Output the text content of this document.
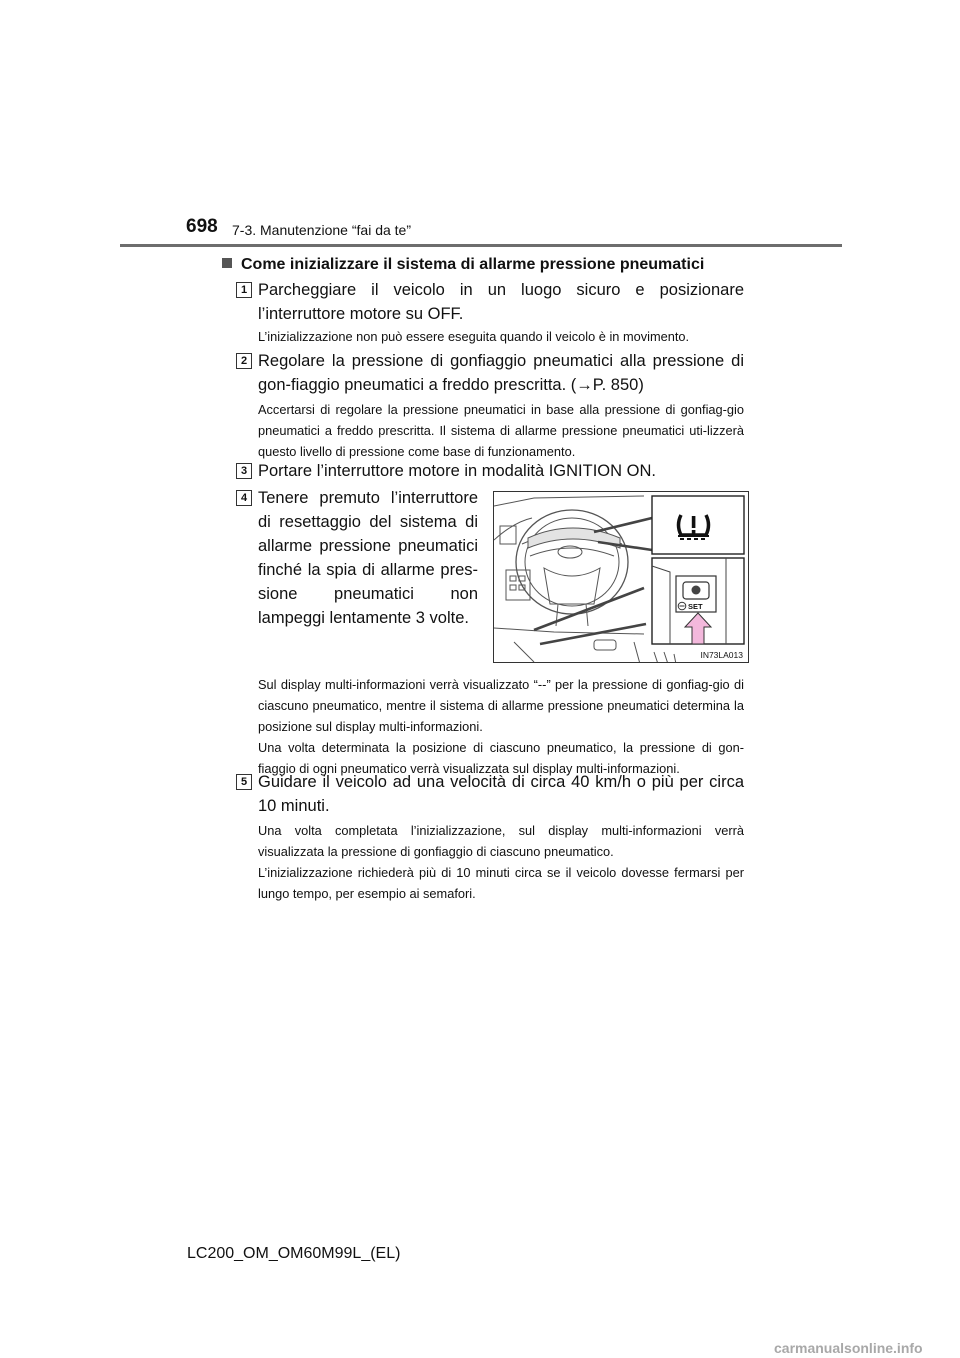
698 7-3. Manutenzione “fai da te”
Come inizializzare il sistema di allarme pressione pneumatici
1 Parcheggiare il veicolo in un luogo sicuro e posizionare l’interruttore motore su OFF.

L’inizializzazione non può essere eseguita quando il veicolo è in movimento.

2 Regolare la pressione di gonfiaggio pneumatici alla pressione di gon-fiaggio pneumatici a freddo prescritta. (→P. 850)

Accertarsi di regolare la pressione pneumatici in base alla pressione di gonfiag-gio pneumatici a freddo prescritta. Il sistema di allarme pressione pneumatici uti-lizzerà questo livello di pressione come base di funzionamento.

3 Portare l’interruttore motore in modalità IGNITION ON.
4 Tenere premuto l’interruttore di resettaggio del sistema di allarme pressione pneumatici finché la spia di allarme pres-sione pneumatici non lampeggi lentamente 3 volte.
SET
IN73LA013

Sul display multi-informazioni verrà visualizzato “--” per la pressione di gonfiag-gio di ciascuno pneumatico, mentre il sistema di allarme pressione pneumatici determina la posizione sul display multi-informazioni.

Una volta determinata la posizione di ciascuno pneumatico, la pressione di gon-fiaggio di ogni pneumatico verrà visualizzata sul display multi-informazioni.

5 Guidare il veicolo ad una velocità di circa 40 km/h o più per circa 10 minuti.

Una volta completata l’inizializzazione, sul display multi-informazioni verrà visualizzata la pressione di gonfiaggio di ciascuno pneumatico.

L’inizializzazione richiederà più di 10 minuti circa se il veicolo dovesse fermarsi per lungo tempo, per esempio ai semafori.

LC200_OM_OM60M99L_(EL)
carmanualsonline.info
